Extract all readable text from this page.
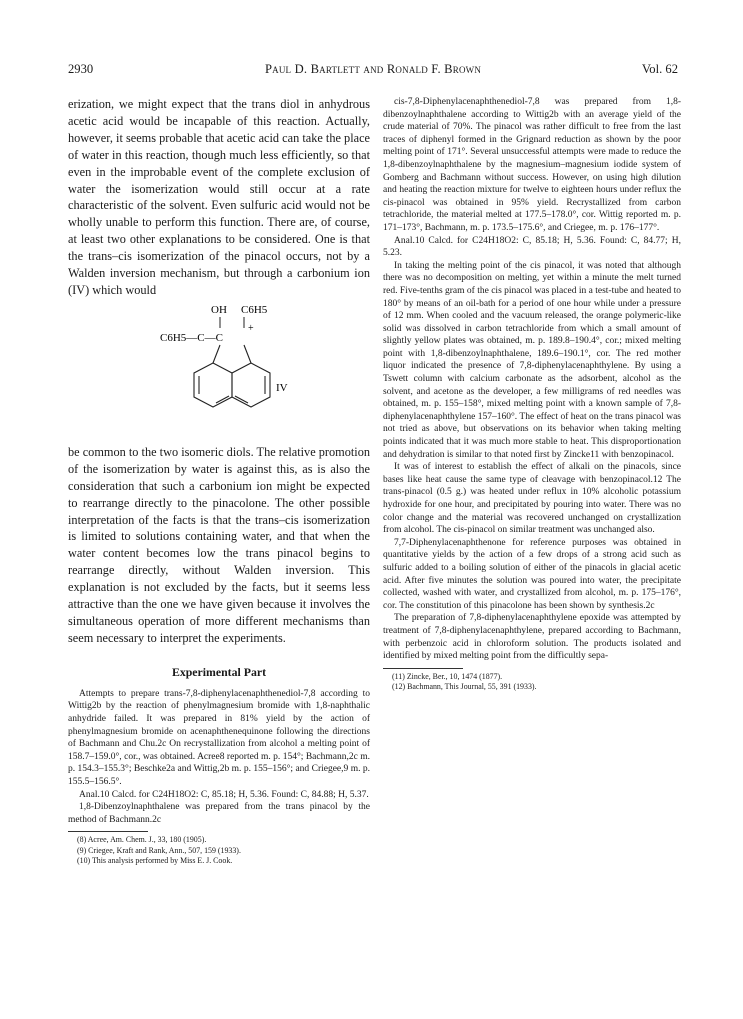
2930	Paul D. Bartlett and Ronald F. Brown	Vol. 62

erization, we might expect that the trans diol in anhydrous acetic acid would be incapable of this reaction. Actually, however, it seems probable that acetic acid can take the place of water in this reaction, though much less efficiently, so that even in the improbable event of the complete exclusion of water the isomerization would still occur at a rate characteristic of the solvent. Even sulfuric acid would not be wholly unable to perform this function. There are, of course, at least two other explanations to be considered. One is that the trans–cis isomerization of the pinacol occurs, not by a Walden inversion mechanism, but through a carbonium ion (IV) which would

OH C6H5
C6H5—C—C
+
IV

be common to the two isomeric diols. The relative promotion of the isomerization by water is against this, as is also the consideration that such a carbonium ion might be expected to rearrange directly to the pinacolone. The other possible interpretation of the facts is that the trans–cis isomerization is limited to solutions containing water, and that when the water content becomes low the trans pinacol begins to rearrange directly, without Walden inversion. This explanation is not excluded by the facts, but it seems less attractive than the one we have given because it involves the simultaneous operation of more different mechanisms than seem necessary to interpret the experiments.

Experimental Part

Attempts to prepare trans-7,8-diphenylacenaphthenediol-7,8 according to Wittig2b by the reaction of phenylmagnesium bromide with 1,8-naphthalic anhydride failed. It was prepared in 81% yield by the action of phenylmagnesium bromide on acenaphthenequinone following the directions of Bachmann and Chu.2c On recrystallization from alcohol a melting point of 158.7–159.0°, cor., was obtained. Acree8 reported m. p. 154°; Bachmann,2c m. p. 154.3–155.3°; Beschke2a and Wittig,2b m. p. 155–156°; and Criegee,9 m. p. 155.5–156.5°.

Anal.10 Calcd. for C24H18O2: C, 85.18; H, 5.36. Found: C, 84.88; H, 5.37.

1,8-Dibenzoylnaphthalene was prepared from the trans pinacol by the method of Bachmann.2c

(8) Acree, Am. Chem. J., 33, 180 (1905).

(9) Criegee, Kraft and Rank, Ann., 507, 159 (1933).

(10) This analysis performed by Miss E. J. Cook.

cis-7,8-Diphenylacenaphthenediol-7,8 was prepared from 1,8-dibenzoylnaphthalene according to Wittig2b with an average yield of the crude material of 70%. The pinacol was rather difficult to free from the last traces of diphenyl formed in the Grignard reduction as shown by the poor melting point of 171°. Several unsuccessful attempts were made to reduce the 1,8-dibenzoylnaphthalene by the magnesium–magnesium iodide system of Gomberg and Bachmann without success. However, on using high dilution and heating the reaction mixture for twelve to eighteen hours under reflux the cis-pinacol was obtained in 95% yield. Recrystallized from carbon tetrachloride, the material melted at 177.5–178.0°, cor. Wittig reported m. p. 171–173°, Bachmann, m. p. 173.5–175.6°, and Criegee, m. p. 176–177°.

Anal.10 Calcd. for C24H18O2: C, 85.18; H, 5.36. Found: C, 84.77; H, 5.23.

In taking the melting point of the cis pinacol, it was noted that although there was no decomposition on melting, yet within a minute the melt turned red. Five-tenths gram of the cis pinacol was placed in a test-tube and heated to 180° by means of an oil-bath for a period of one hour while under a pressure of 12 mm. When cooled and the vacuum released, the orange polymeric-like solid was dissolved in carbon tetrachloride from which a small amount of slightly yellow plates was obtained, m. p. 189.8–190.4°, cor.; mixed melting point with 1,8-dibenzoylnaphthalene, 189.6–190.1°, cor. The red mother liquor indicated the presence of 7,8-diphenylacenaphthylene. By using a Tswett column with calcium carbonate as the adsorbent, alcohol as the solvent, and acetone as the developer, a few milligrams of red needles was obtained, m. p. 155–158°, mixed melting point with a known sample of 7,8-diphenylacenaphthylene 157–160°. The effect of heat on the trans pinacol was not tried as above, but observations on its behavior when taking melting points indicated that it was much more stable to heat. This disproportionation and dehydration is similar to that noted first by Zincke11 with benzopinacol.

It was of interest to establish the effect of alkali on the pinacols, since bases like heat cause the same type of cleavage with benzopinacol.12 The trans-pinacol (0.5 g.) was heated under reflux in 10% alcoholic potassium hydroxide for one hour, and precipitated by pouring into water. There was no color change and the material was recovered unchanged on crystallization from alcohol. The cis-pinacol on similar treatment was unchanged also.

7,7-Diphenylacenaphthenone for reference purposes was obtained in quantitative yields by the action of a few drops of a strong acid such as sulfuric added to a boiling solution of either of the pinacols in glacial acetic acid. After five minutes the solution was poured into water, the precipitate collected, washed with water, and crystallized from alcohol, m. p. 175–176°, cor. The constitution of this pinacolone has been shown by synthesis.2c

The preparation of 7,8-diphenylacenaphthylene epoxide was attempted by treatment of 7,8-diphenylacenaphthylene, prepared according to Bachmann, with perbenzoic acid in chloroform solution. The products isolated and identified by mixed melting point from the difficultly sepa-

(11) Zincke, Ber., 10, 1474 (1877).

(12) Bachmann, This Journal, 55, 391 (1933).
